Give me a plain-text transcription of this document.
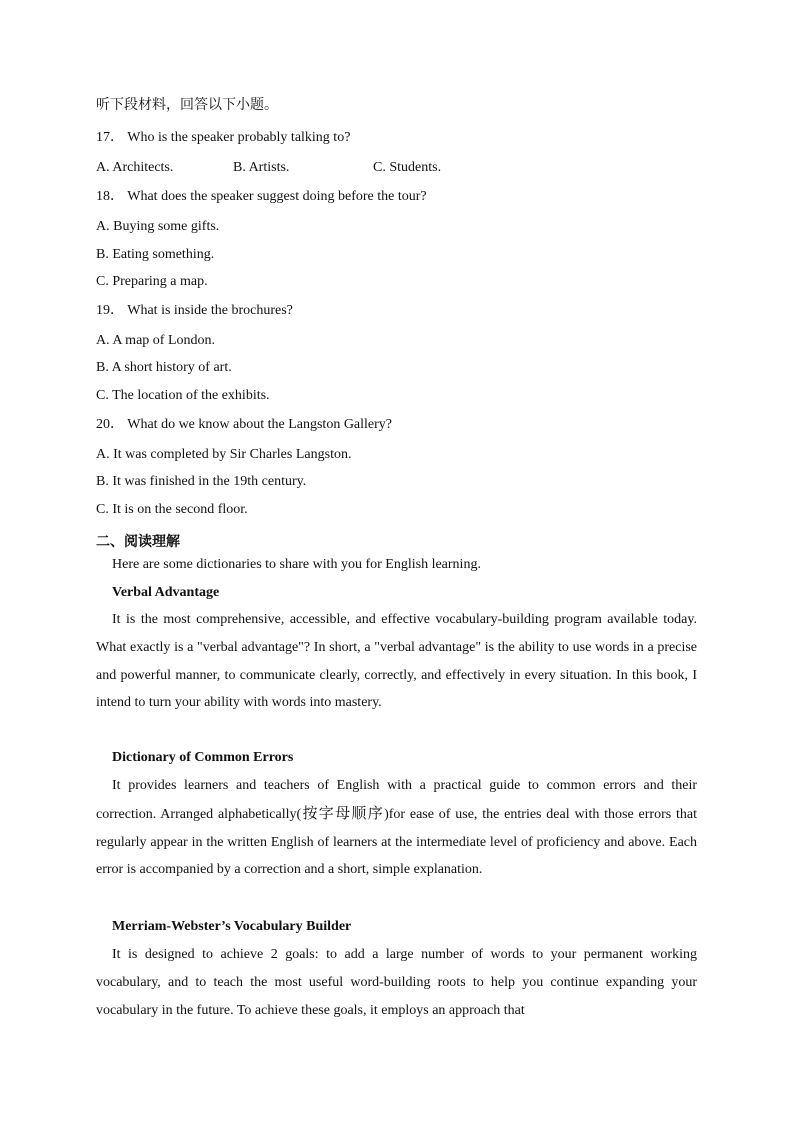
听下段材料，回答以下小题。
17． Who is the speaker probably talking to?
A. Architects.	B. Artists.	C. Students.
18． What does the speaker suggest doing before the tour?
A. Buying some gifts.
B. Eating something.
C. Preparing a map.
19． What is inside the brochures?
A. A map of London.
B. A short history of art.
C. The location of the exhibits.
20． What do we know about the Langston Gallery?
A. It was completed by Sir Charles Langston.
B. It was finished in the 19th century.
C. It is on the second floor.
二、阅读理解
Here are some dictionaries to share with you for English learning.
Verbal Advantage
It is the most comprehensive, accessible, and effective vocabulary-building program available today. What exactly is a "verbal advantage"? In short, a "verbal advantage" is the ability to use words in a precise and powerful manner, to communicate clearly, correctly, and effectively in every situation. In this book, I intend to turn your ability with words into mastery.
Dictionary of Common Errors
It provides learners and teachers of English with a practical guide to common errors and their correction. Arranged alphabetically(按字母顺序)for ease of use, the entries deal with those errors that regularly appear in the written English of learners at the intermediate level of proficiency and above. Each error is accompanied by a correction and a short, simple explanation.
Merriam-Webster’s Vocabulary Builder
It is designed to achieve 2 goals: to add a large number of words to your permanent working vocabulary, and to teach the most useful word-building roots to help you continue expanding your vocabulary in the future. To achieve these goals, it employs an approach that
